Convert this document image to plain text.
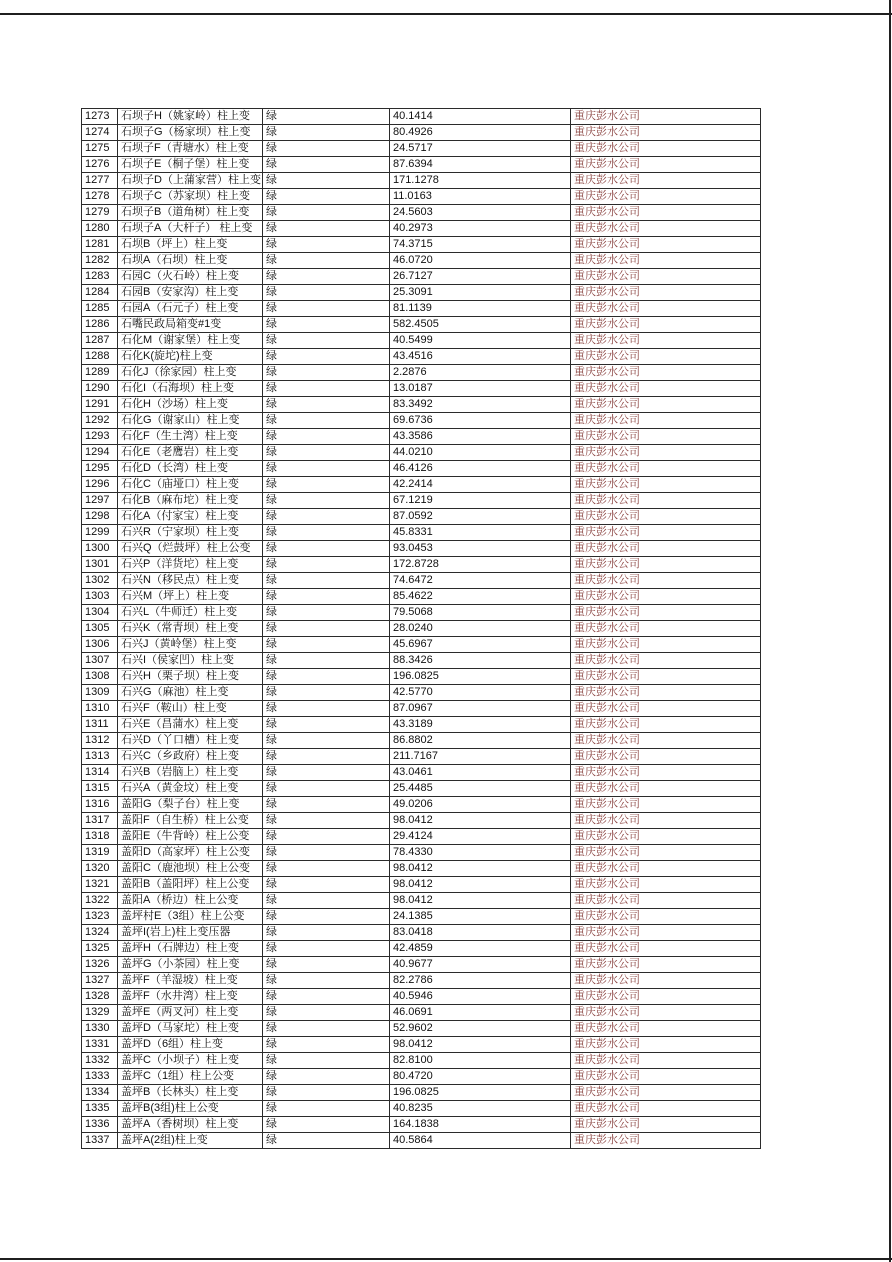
1273	石坝子H（姚家岭）柱上变	绿	40.1414	重庆彭水公司
1274	石坝子G（杨家坝）柱上变	绿	80.4926	重庆彭水公司
1275	石坝子F（青塘水）柱上变	绿	24.5717	重庆彭水公司
1276	石坝子E（桐子堡）柱上变	绿	87.6394	重庆彭水公司
1277	石坝子D（上蒲家营）柱上变	绿	171.1278	重庆彭水公司
1278	石坝子C（苏家坝）柱上变	绿	11.0163	重庆彭水公司
1279	石坝子B（道角树）柱上变	绿	24.5603	重庆彭水公司
1280	石坝子A（大杆子） 柱上变	绿	40.2973	重庆彭水公司
1281	石坝B（坪上）柱上变	绿	74.3715	重庆彭水公司
1282	石坝A（石坝）柱上变	绿	46.0720	重庆彭水公司
1283	石园C（火石岭）柱上变	绿	26.7127	重庆彭水公司
1284	石园B（安家沟）柱上变	绿	25.3091	重庆彭水公司
1285	石园A（石元子）柱上变	绿	81.1139	重庆彭水公司
1286	石嘴民政局箱变#1变	绿	582.4505	重庆彭水公司
1287	石化M（谢家堡）柱上变	绿	40.5499	重庆彭水公司
1288	石化K(旋坨)柱上变	绿	43.4516	重庆彭水公司
1289	石化J（徐家园）柱上变	绿	2.2876	重庆彭水公司
1290	石化I（石海坝）柱上变	绿	13.0187	重庆彭水公司
1291	石化H（沙场）柱上变	绿	83.3492	重庆彭水公司
1292	石化G（谢家山）柱上变	绿	69.6736	重庆彭水公司
1293	石化F（生土湾）柱上变	绿	43.3586	重庆彭水公司
1294	石化E（老鹰岩）柱上变	绿	44.0210	重庆彭水公司
1295	石化D（长湾）柱上变	绿	46.4126	重庆彭水公司
1296	石化C（庙垭口）柱上变	绿	42.2414	重庆彭水公司
1297	石化B（麻布坨）柱上变	绿	67.1219	重庆彭水公司
1298	石化A（付家宝）柱上变	绿	87.0592	重庆彭水公司
1299	石兴R（宁家坝）柱上变	绿	45.8331	重庆彭水公司
1300	石兴Q（烂鼓坪）柱上公变	绿	93.0453	重庆彭水公司
1301	石兴P（洋货坨）柱上变	绿	172.8728	重庆彭水公司
1302	石兴N（移民点）柱上变	绿	74.6472	重庆彭水公司
1303	石兴M（坪上）柱上变	绿	85.4622	重庆彭水公司
1304	石兴L（牛师迁）柱上变	绿	79.5068	重庆彭水公司
1305	石兴K（常青坝）柱上变	绿	28.0240	重庆彭水公司
1306	石兴J（黄岭堡）柱上变	绿	45.6967	重庆彭水公司
1307	石兴I（侯家凹）柱上变	绿	88.3426	重庆彭水公司
1308	石兴H（栗子坝）柱上变	绿	196.0825	重庆彭水公司
1309	石兴G（麻池）柱上变	绿	42.5770	重庆彭水公司
1310	石兴F（鞍山）柱上变	绿	87.0967	重庆彭水公司
1311	石兴E（昌蒲水）柱上变	绿	43.3189	重庆彭水公司
1312	石兴D（丫口槽）柱上变	绿	86.8802	重庆彭水公司
1313	石兴C（乡政府）柱上变	绿	211.7167	重庆彭水公司
1314	石兴B（岩脑上）柱上变	绿	43.0461	重庆彭水公司
1315	石兴A（黄金坟）柱上变	绿	25.4485	重庆彭水公司
1316	盖阳G（梨子台）柱上变	绿	49.0206	重庆彭水公司
1317	盖阳F（自生桥）柱上公变	绿	98.0412	重庆彭水公司
1318	盖阳E（牛背岭）柱上公变	绿	29.4124	重庆彭水公司
1319	盖阳D（高家坪）柱上公变	绿	78.4330	重庆彭水公司
1320	盖阳C（鹿池坝）柱上公变	绿	98.0412	重庆彭水公司
1321	盖阳B（盖阳坪）柱上公变	绿	98.0412	重庆彭水公司
1322	盖阳A（桥边）柱上公变	绿	98.0412	重庆彭水公司
1323	盖坪村E（3组）柱上公变	绿	24.1385	重庆彭水公司
1324	盖坪I(岩上)柱上变压器	绿	83.0418	重庆彭水公司
1325	盖坪H（石牌边）柱上变	绿	42.4859	重庆彭水公司
1326	盖坪G（小茶园）柱上变	绿	40.9677	重庆彭水公司
1327	盖坪F（羊湿坡）柱上变	绿	82.2786	重庆彭水公司
1328	盖坪F（水井湾）柱上变	绿	40.5946	重庆彭水公司
1329	盖坪E（两叉河）柱上变	绿	46.0691	重庆彭水公司
1330	盖坪D（马家坨）柱上变	绿	52.9602	重庆彭水公司
1331	盖坪D（6组）柱上变	绿	98.0412	重庆彭水公司
1332	盖坪C（小坝子）柱上变	绿	82.8100	重庆彭水公司
1333	盖坪C（1组）柱上公变	绿	80.4720	重庆彭水公司
1334	盖坪B（长林头）柱上变	绿	196.0825	重庆彭水公司
1335	盖坪B(3组)柱上公变	绿	40.8235	重庆彭水公司
1336	盖坪A（香树坝）柱上变	绿	164.1838	重庆彭水公司
1337	盖坪A(2组)柱上变	绿	40.5864	重庆彭水公司
